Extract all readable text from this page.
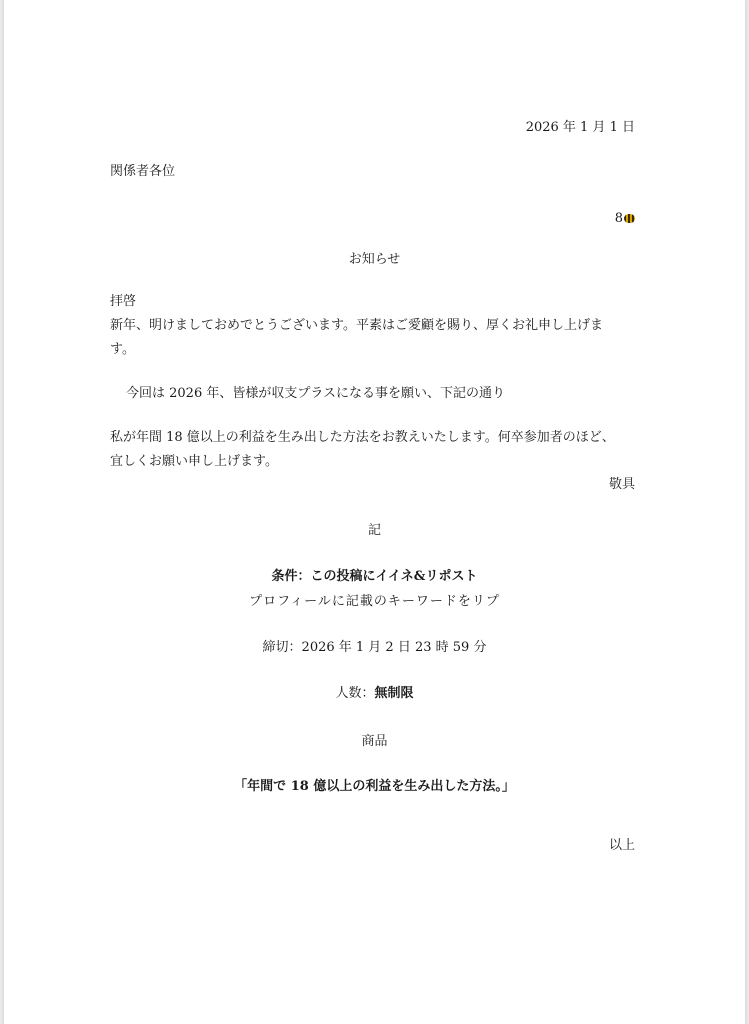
2026 年 1 月 1 日
関係者各位
8
お知らせ
拝啓
新年、明けましておめでとうございます。平素はご愛顧を賜り、厚くお礼申し上げま
す。
今回は 2026 年、皆様が収支プラスになる事を願い、下記の通り
私が年間 18 億以上の利益を生み出した方法をお教えいたします。何卒参加者のほど、
宜しくお願い申し上げます。
敬具
記
条件：この投稿にイイネ&リポスト
プロフィールに記載のキーワードをリプ
締切：2026 年 1 月 2 日 23 時 59 分
人数：無制限
商品
「年間で 18 億以上の利益を生み出した方法。」
以上
